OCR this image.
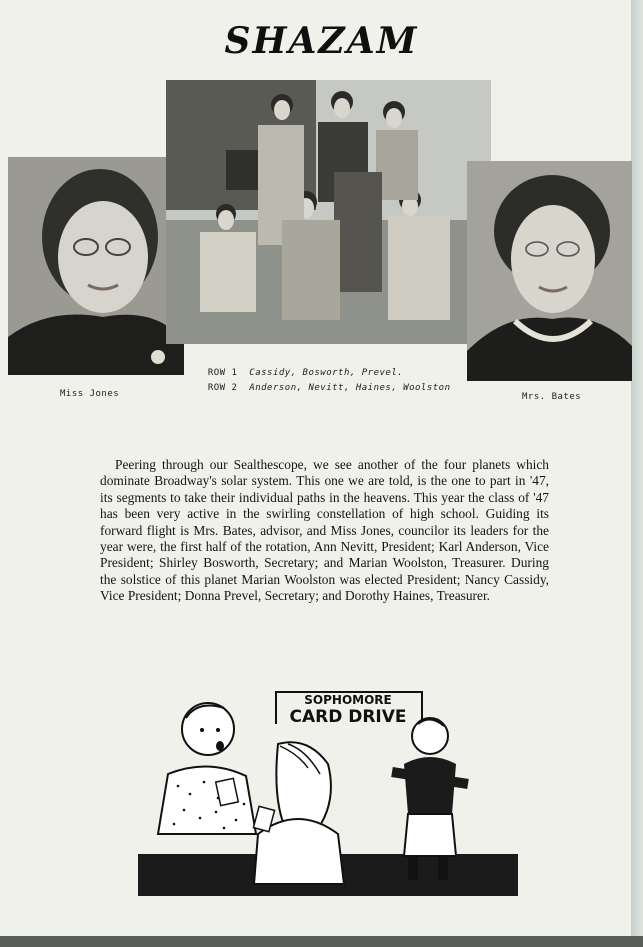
SHAZAM
Miss Jones

ROW 1 Cassidy, Bosworth, Prevel.

ROW 2 Anderson, Nevitt, Haines, Woolston

Mrs. Bates

Peering through our Sealthescope, we see another of the four planets which dominate Broadway's solar system. This one we are told, is the one to part in '47, its segments to take their individual paths in the heavens. This year the class of '47 has been very active in the swirling constellation of high school. Guiding its forward flight is Mrs. Bates, advisor, and Miss Jones, councilor its leaders for the year were, the first half of the rotation, Ann Nevitt, President; Karl Anderson, Vice President; Shirley Bosworth, Secretary; and Marian Woolston, Treasurer. During the solstice of this planet Marian Woolston was elected President; Nancy Cassidy, Vice President; Donna Prevel, Secretary; and Dorothy Haines, Treasurer.

SOPHOMORE
CARD DRIVE
